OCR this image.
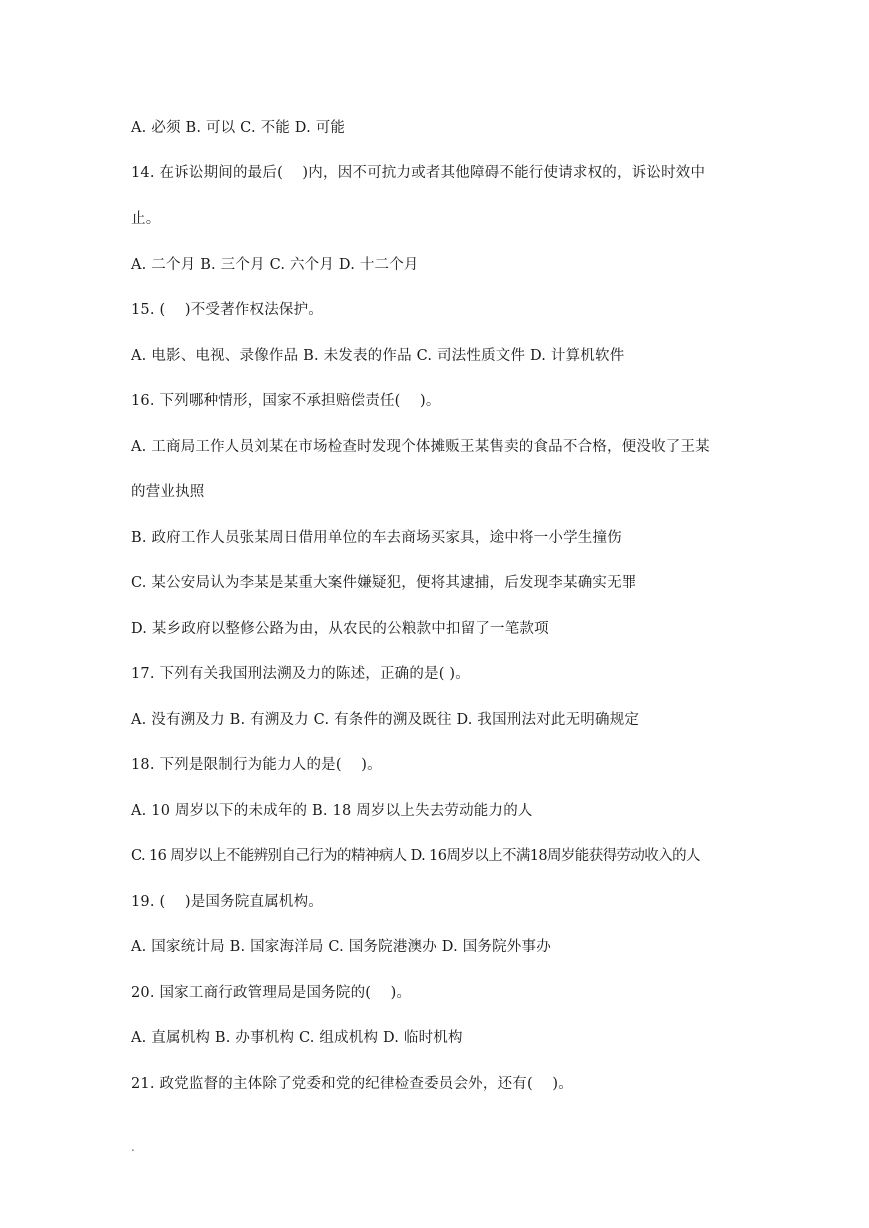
A. 必须 B. 可以 C. 不能 D. 可能
14. 在诉讼期间的最后(　 )内，因不可抗力或者其他障碍不能行使请求权的，诉讼时效中
止。
A. 二个月 B. 三个月 C. 六个月 D. 十二个月
15. (　 )不受著作权法保护。
A. 电影、电视、录像作品 B. 未发表的作品 C. 司法性质文件 D. 计算机软件
16. 下列哪种情形，国家不承担赔偿责任(　 )。
A. 工商局工作人员刘某在市场检查时发现个体摊贩王某售卖的食品不合格，便没收了王某
的营业执照
B. 政府工作人员张某周日借用单位的车去商场买家具，途中将一小学生撞伤
C. 某公安局认为李某是某重大案件嫌疑犯，便将其逮捕，后发现李某确实无罪
D. 某乡政府以整修公路为由，从农民的公粮款中扣留了一笔款项
17. 下列有关我国刑法溯及力的陈述，正确的是( )。
A. 没有溯及力 B. 有溯及力 C. 有条件的溯及既往 D. 我国刑法对此无明确规定
18. 下列是限制行为能力人的是(　 )。
A. 10 周岁以下的未成年的 B. 18 周岁以上失去劳动能力的人
C. 16 周岁以上不能辨别自己行为的精神病人 D. 16周岁以上不满18周岁能获得劳动收入的人
19. (　 )是国务院直属机构。
A. 国家统计局 B. 国家海洋局 C. 国务院港澳办 D. 国务院外事办
20. 国家工商行政管理局是国务院的(　 )。
A. 直属机构 B. 办事机构 C. 组成机构 D. 临时机构
21. 政党监督的主体除了党委和党的纪律检查委员会外，还有(　 )。
.
